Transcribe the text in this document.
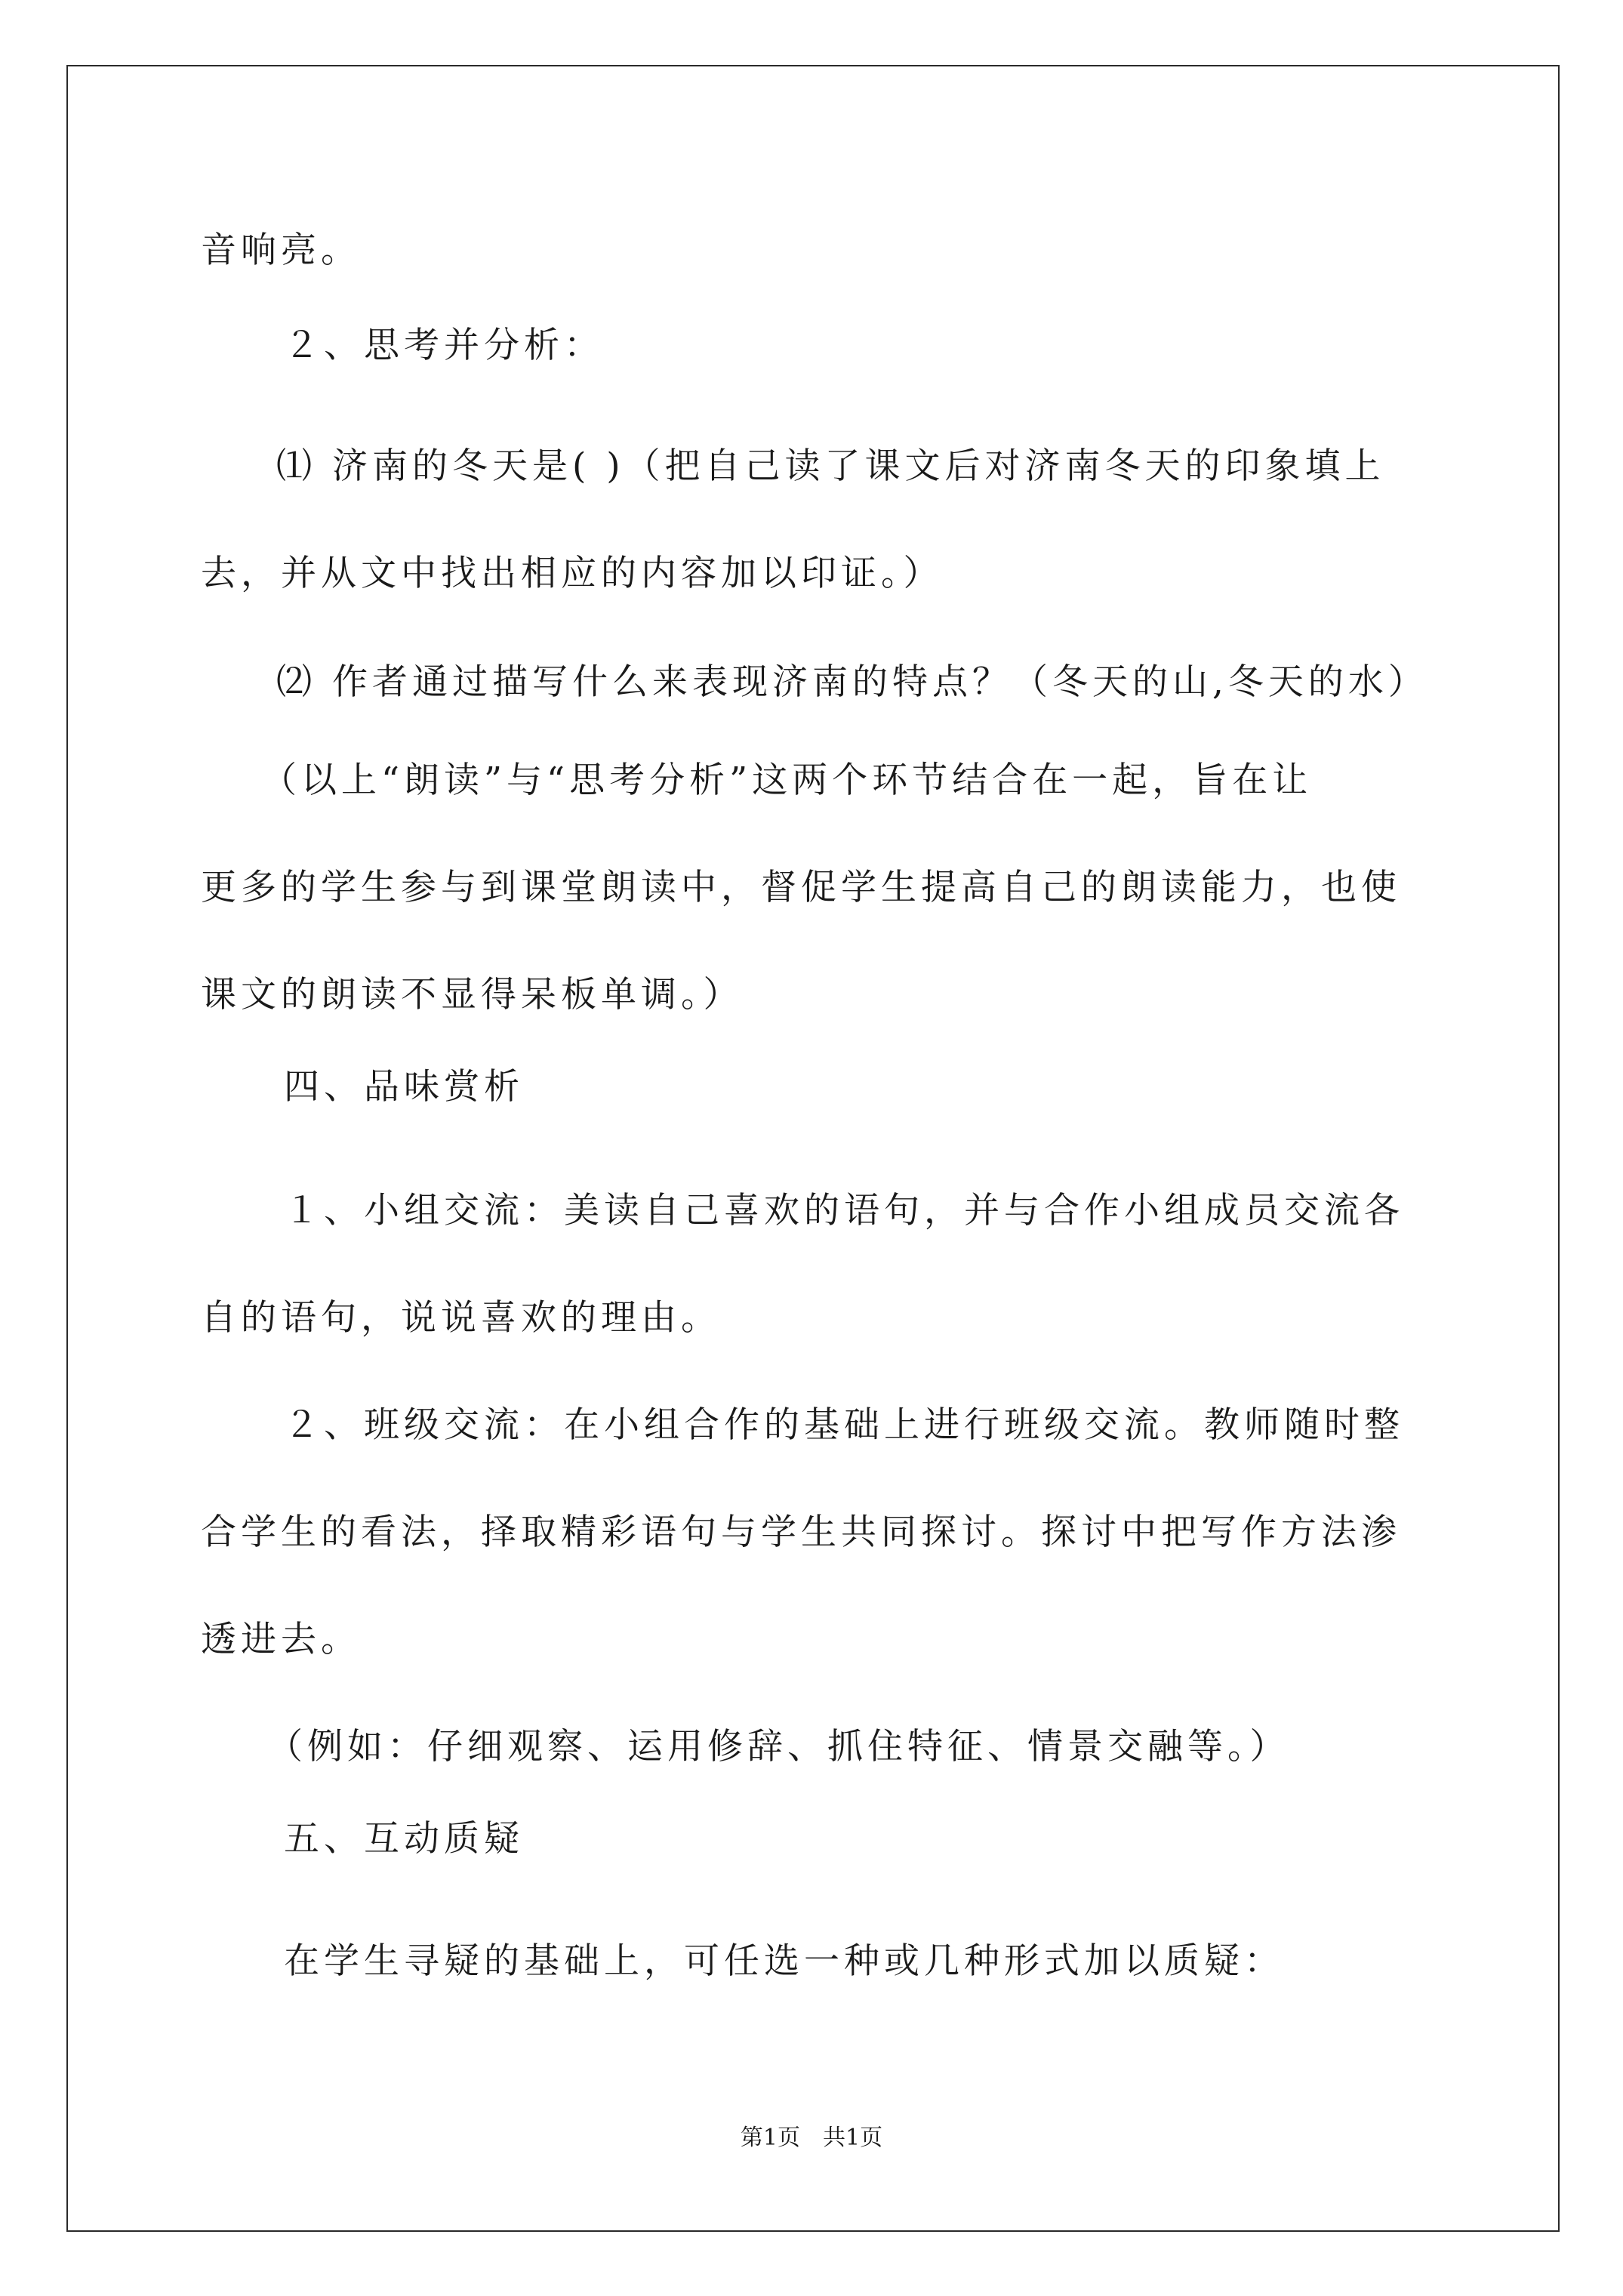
音响亮。
２、思考并分析：
⑴ 济南的冬天是( )（把自己读了课文后对济南冬天的印象填上
去，并从文中找出相应的内容加以印证。）
⑵ 作者通过描写什么来表现济南的特点？（冬天的山,冬天的水）
（以上“朗读”与“思考分析”这两个环节结合在一起，旨在让
更多的学生参与到课堂朗读中，督促学生提高自己的朗读能力，也使
课文的朗读不显得呆板单调。）
四、品味赏析
１、小组交流：美读自己喜欢的语句，并与合作小组成员交流各
自的语句，说说喜欢的理由。
２、班级交流：在小组合作的基础上进行班级交流。教师随时整
合学生的看法，择取精彩语句与学生共同探讨。探讨中把写作方法渗
透进去。
（例如：仔细观察、运用修辞、抓住特征、情景交融等。）
五、互动质疑
在学生寻疑的基础上，可任选一种或几种形式加以质疑：
第1页　共1页
